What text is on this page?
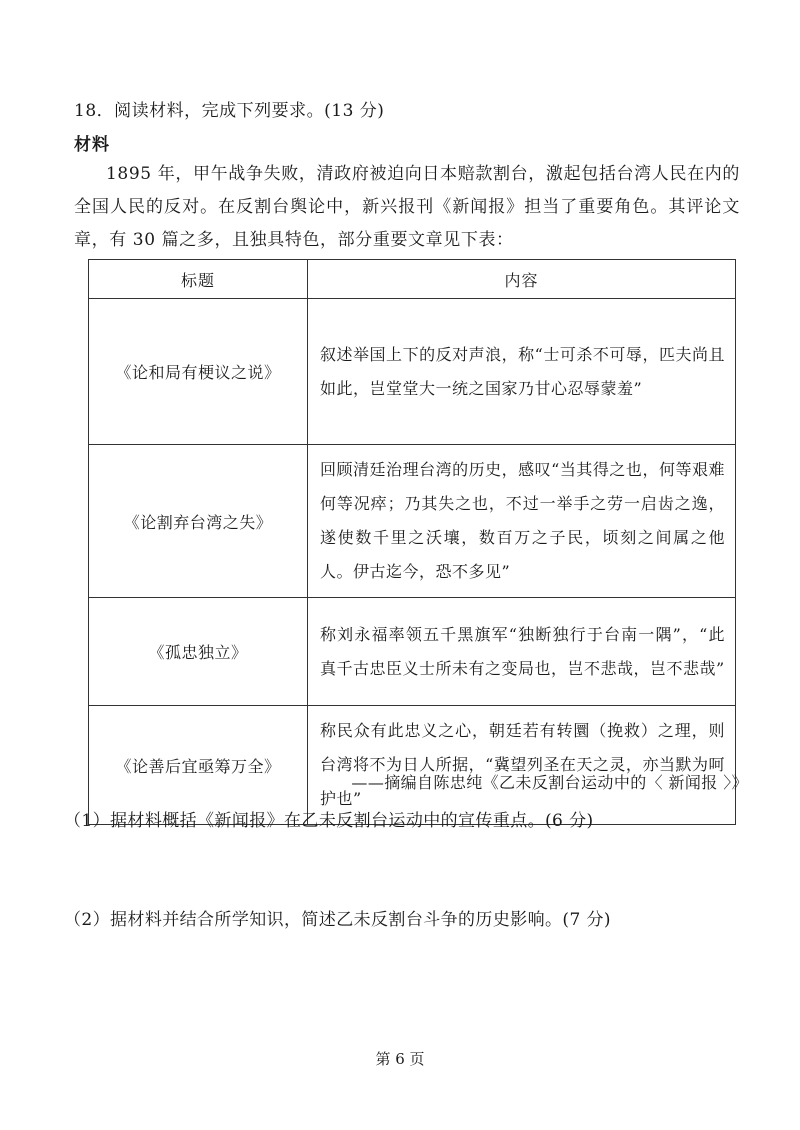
18．阅读材料，完成下列要求。(13 分)
材料
1895 年，甲午战争失败，清政府被迫向日本赔款割台，激起包括台湾人民在内的全国人民的反对。在反割台舆论中，新兴报刊《新闻报》担当了重要角色。其评论文章，有 30 篇之多，且独具特色，部分重要文章见下表：
标题	内容
《论和局有梗议之说》	叙述举国上下的反对声浪，称“士可杀不可辱，匹夫尚且如此，岂堂堂大一统之国家乃甘心忍辱蒙羞”
《论割弃台湾之失》	回顾清廷治理台湾的历史，感叹“当其得之也，何等艰难何等况瘁；乃其失之也，不过一举手之劳一启齿之逸，遂使数千里之沃壤，数百万之子民，顷刻之间属之他人。伊古迄今，恐不多见”
《孤忠独立》	称刘永福率领五千黑旗军“独断独行于台南一隅”，“此真千古忠臣义士所未有之变局也，岂不悲哉，岂不悲哉”
《论善后宜亟筹万全》	称民众有此忠义之心，朝廷若有转圜（挽救）之理，则台湾将不为日人所据，“冀望列圣在天之灵，亦当默为呵护也”
——摘编自陈忠纯《乙未反割台运动中的〈 新闻报 〉》
（1）据材料概括《新闻报》在乙未反割台运动中的宣传重点。(6 分)
（2）据材料并结合所学知识，简述乙未反割台斗争的历史影响。(7 分)
第 6 页
